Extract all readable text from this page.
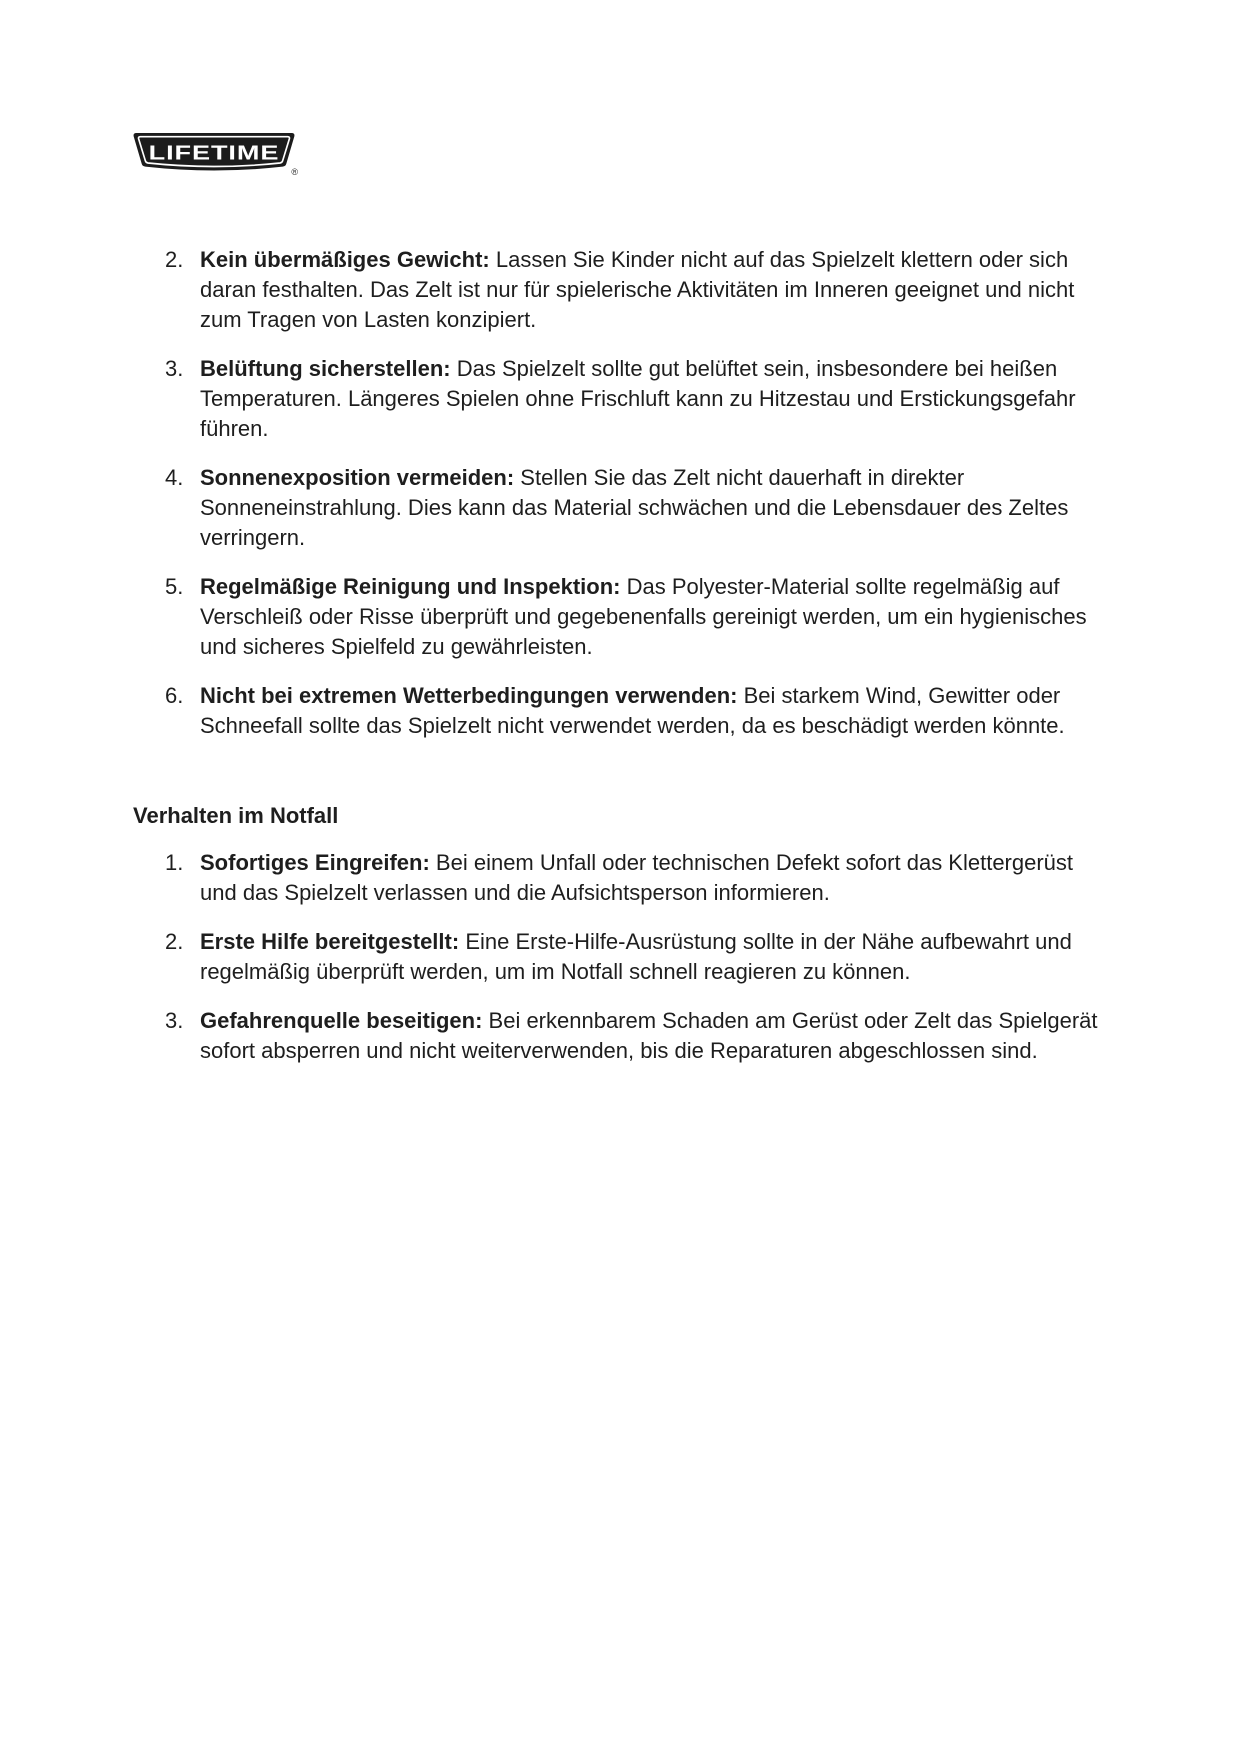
LIFETIME
®
2. Kein übermäßiges Gewicht: Lassen Sie Kinder nicht auf das Spielzelt klettern oder sich daran festhalten. Das Zelt ist nur für spielerische Aktivitäten im Inneren geeignet und nicht zum Tragen von Lasten konzipiert.
3. Belüftung sicherstellen: Das Spielzelt sollte gut belüftet sein, insbesondere bei heißen Temperaturen. Längeres Spielen ohne Frischluft kann zu Hitzestau und Erstickungsgefahr führen.
4. Sonnenexposition vermeiden: Stellen Sie das Zelt nicht dauerhaft in direkter Sonneneinstrahlung. Dies kann das Material schwächen und die Lebensdauer des Zeltes verringern.
5. Regelmäßige Reinigung und Inspektion: Das Polyester-Material sollte regelmäßig auf Verschleiß oder Risse überprüft und gegebenenfalls gereinigt werden, um ein hygienisches und sicheres Spielfeld zu gewährleisten.
6. Nicht bei extremen Wetterbedingungen verwenden: Bei starkem Wind, Gewitter oder Schneefall sollte das Spielzelt nicht verwendet werden, da es beschädigt werden könnte.
Verhalten im Notfall
1. Sofortiges Eingreifen: Bei einem Unfall oder technischen Defekt sofort das Klettergerüst und das Spielzelt verlassen und die Aufsichtsperson informieren.
2. Erste Hilfe bereitgestellt: Eine Erste-Hilfe-Ausrüstung sollte in der Nähe aufbewahrt und regelmäßig überprüft werden, um im Notfall schnell reagieren zu können.
3. Gefahrenquelle beseitigen: Bei erkennbarem Schaden am Gerüst oder Zelt das Spielgerät sofort absperren und nicht weiterverwenden, bis die Reparaturen abgeschlossen sind.
